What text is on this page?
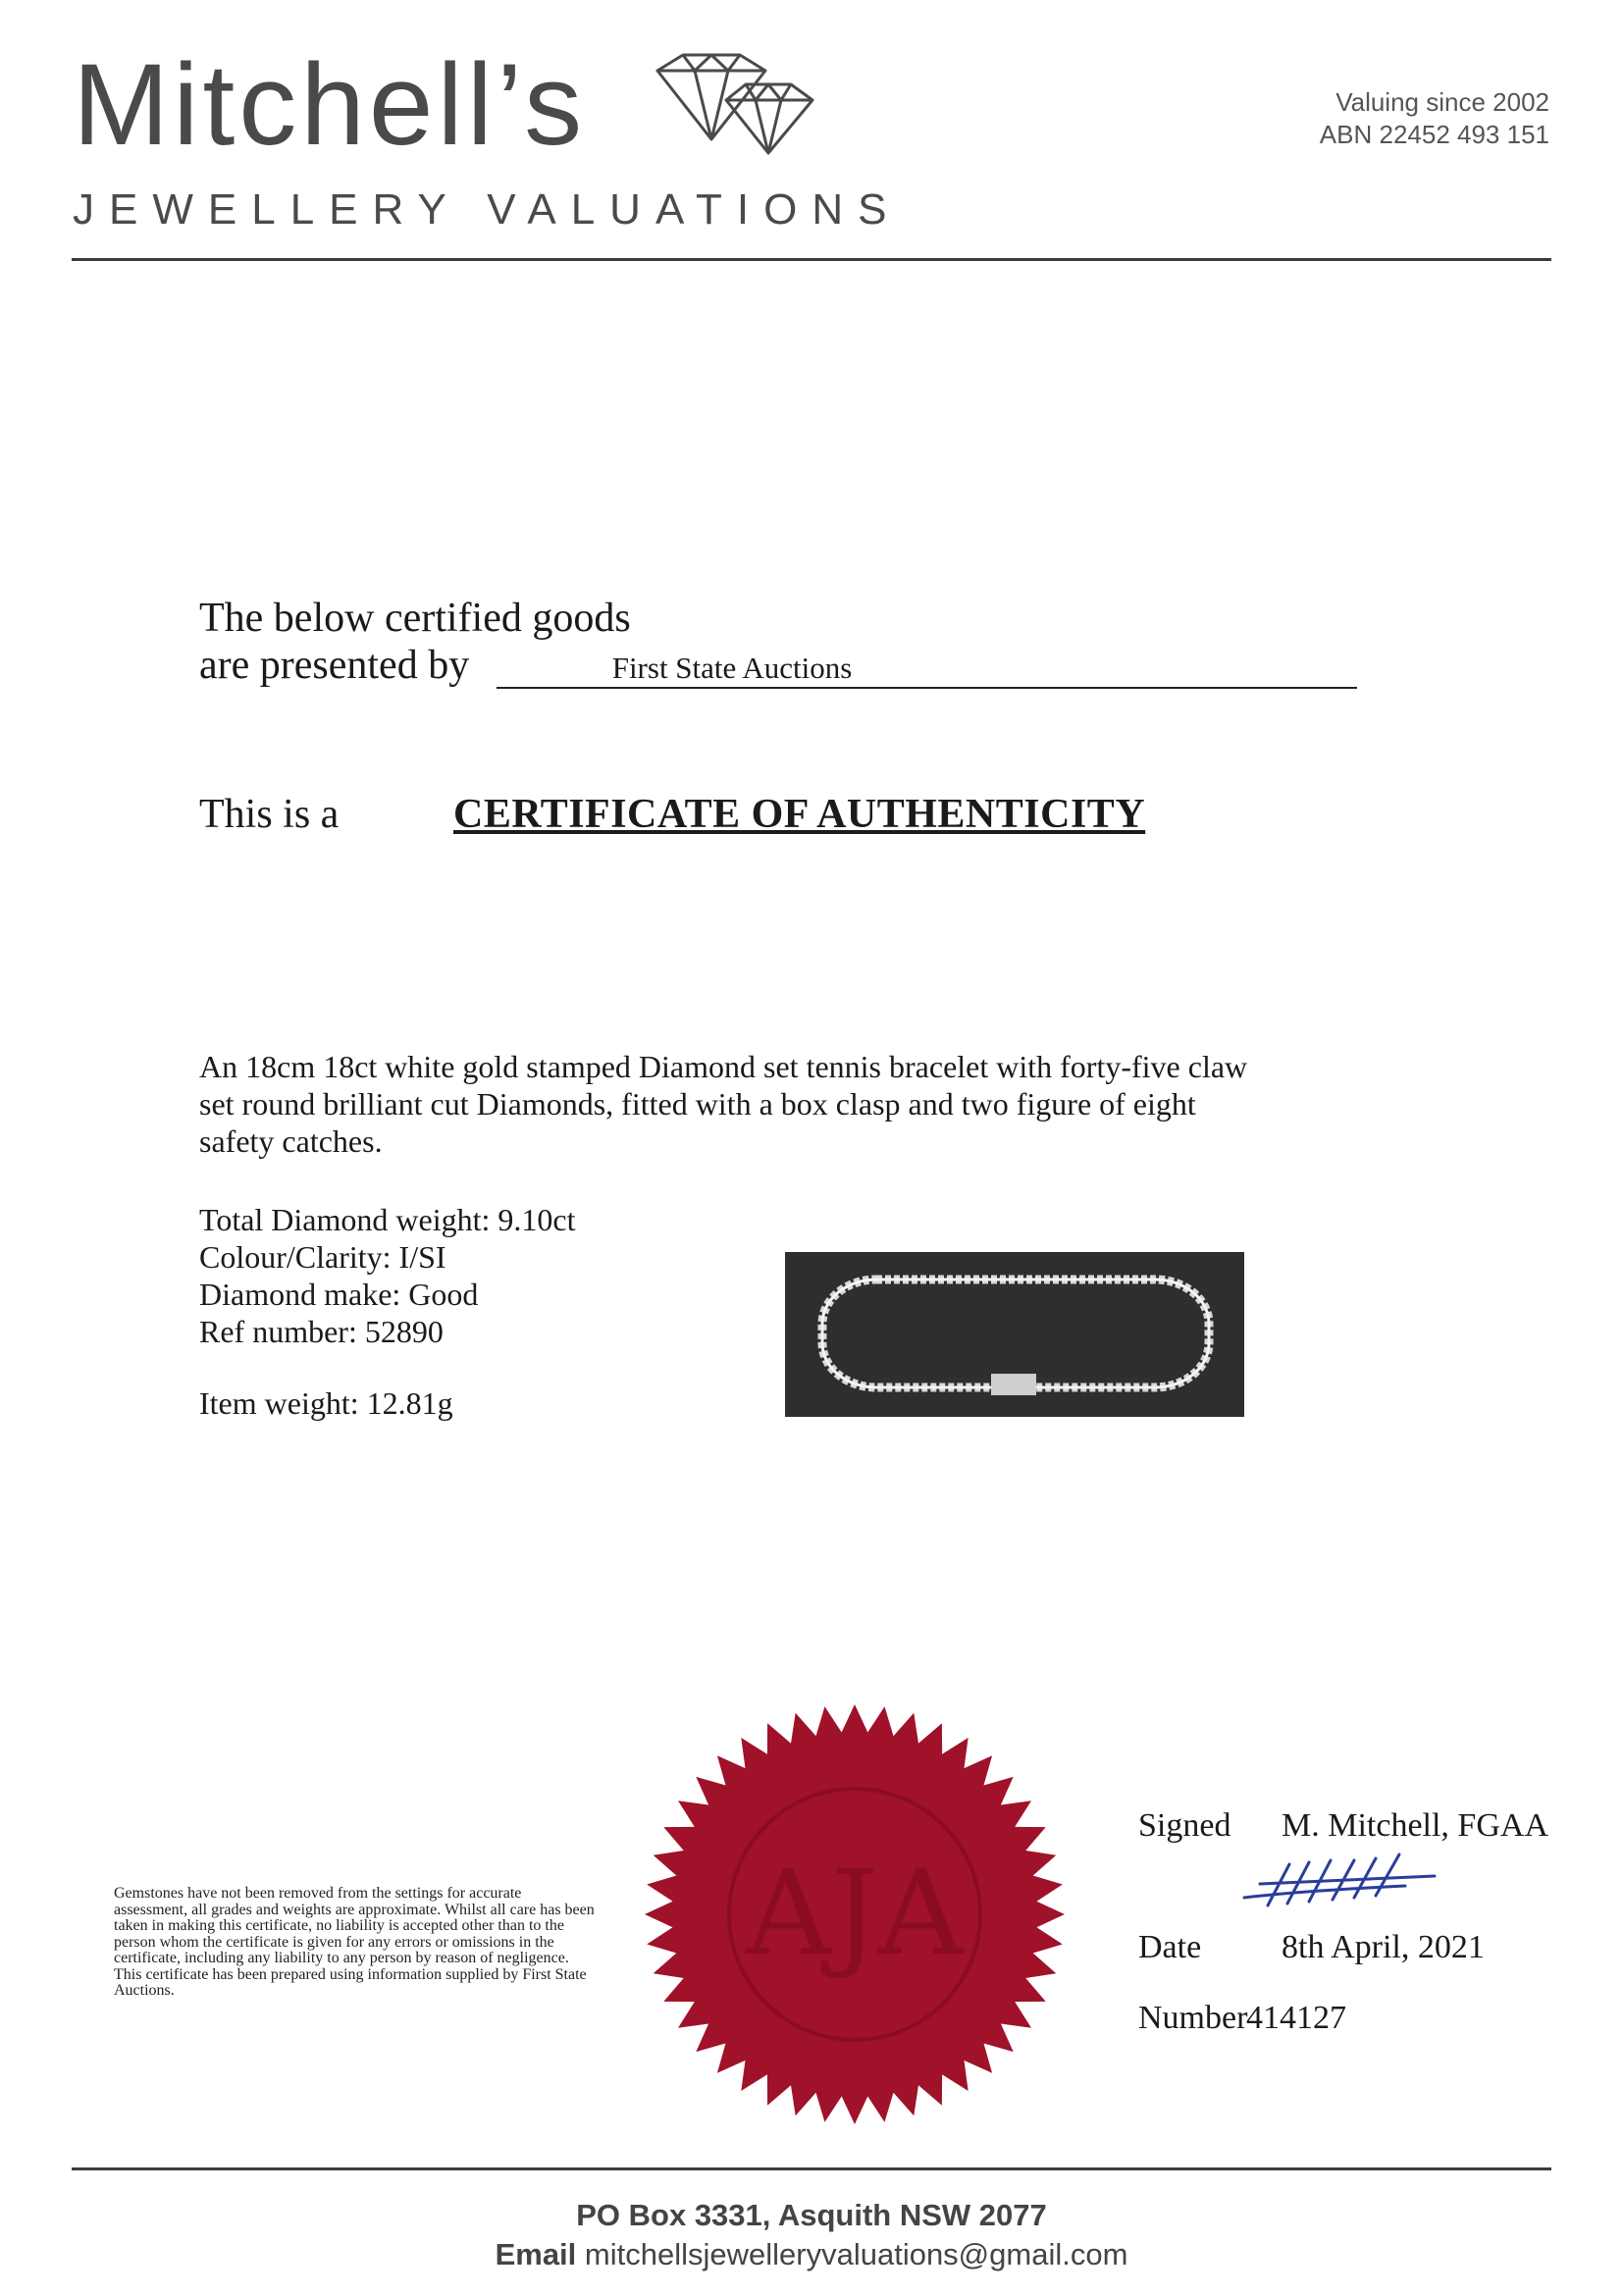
Mitchell’s
JEWELLERY VALUATIONS
Valuing since 2002
ABN 22452 493 151
The below certified goods
are presented by	First State Auctions
This is a	CERTIFICATE OF AUTHENTICITY
An 18cm 18ct white gold stamped Diamond set tennis bracelet with forty-five claw set round brilliant cut Diamonds, fitted with a box clasp and two figure of eight safety catches.
Total Diamond weight: 9.10ct
Colour/Clarity: I/SI
Diamond make: Good
Ref number: 52890
Item weight: 12.81g
AJA
Gemstones have not been removed from the settings for accurate assessment, all grades and weights are approximate. Whilst all care has been taken in making this certificate, no liability is accepted other than to the person whom the certificate is given for any errors or omissions in the certificate, including any liability to any person by reason of negligence. This certificate has been prepared using information supplied by First State Auctions.
Signed M. Mitchell, FGAA
Date 8th April, 2021
Number
414127
PO Box 3331, Asquith NSW 2077
Email mitchellsjewelleryvaluations@gmail.com
